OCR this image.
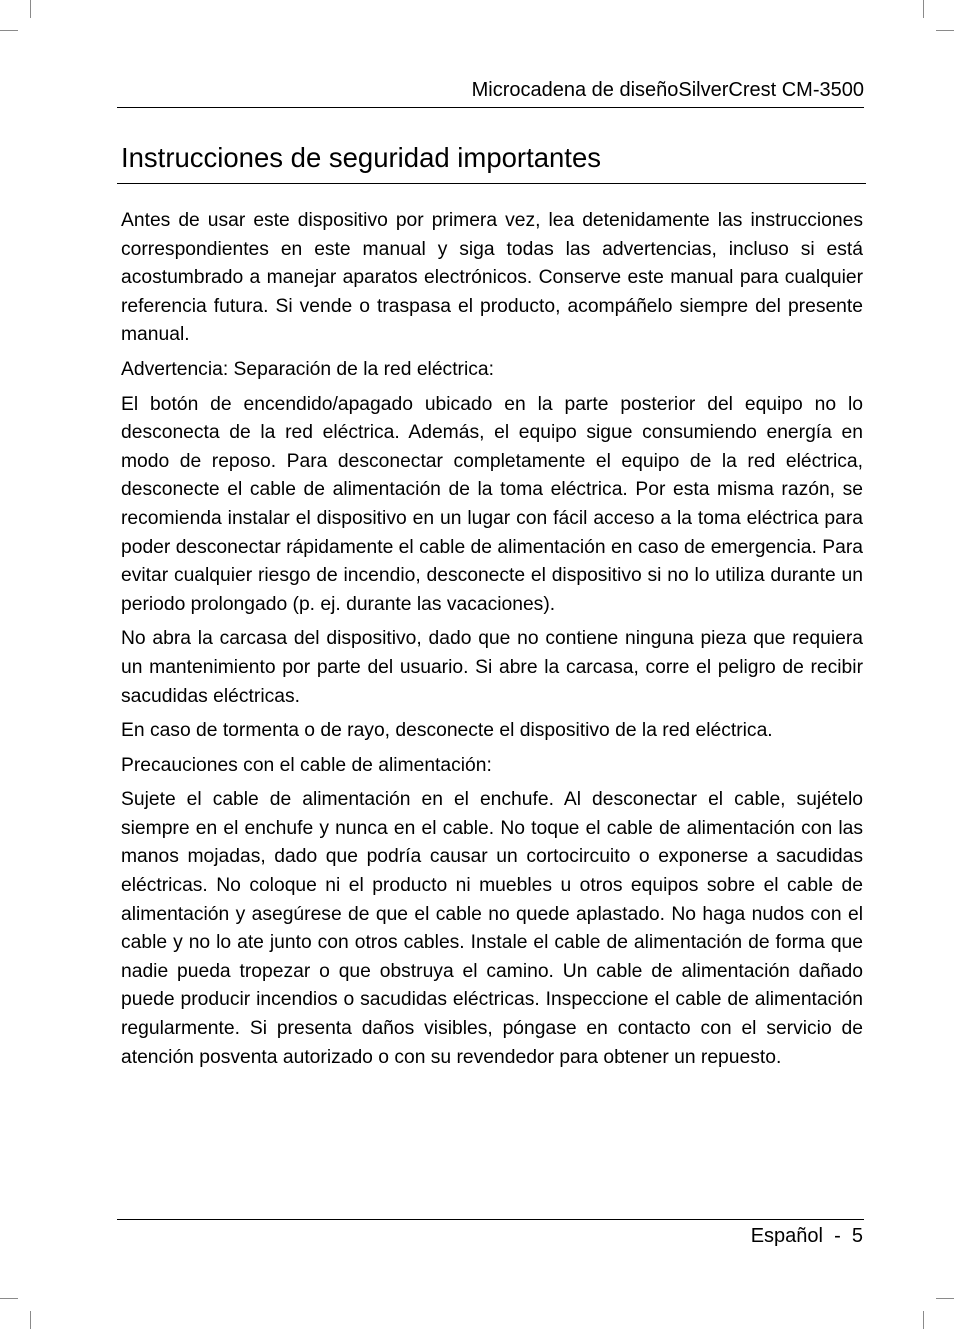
Microcadena de diseñoSilverCrest CM-3500
Instrucciones de seguridad importantes

Antes de usar este dispositivo por primera vez, lea detenidamente las instrucciones correspondientes en este manual y siga todas las advertencias, incluso si está acostumbrado a manejar aparatos electrónicos. Conserve este manual para cualquier referencia futura. Si vende o traspasa el producto, acompáñelo siempre del presente manual.

Advertencia: Separación de la red eléctrica:

El botón de encendido/apagado ubicado en la parte posterior del equipo no lo desconecta de la red eléctrica. Además, el equipo sigue consumiendo energía en modo de reposo. Para desconectar completamente el equipo de la red eléctrica, desconecte el cable de alimentación de la toma eléctrica. Por esta misma razón, se recomienda instalar el dispositivo en un lugar con fácil acceso a la toma eléctrica para poder desconectar rápidamente el cable de alimentación en caso de emergencia. Para evitar cualquier riesgo de incendio, desconecte el dispositivo si no lo utiliza durante un periodo prolongado (p. ej. durante las vacaciones).

No abra la carcasa del dispositivo, dado que no contiene ninguna pieza que requiera un mantenimiento por parte del usuario. Si abre la carcasa, corre el peligro de recibir sacudidas eléctricas.

En caso de tormenta o de rayo, desconecte el dispositivo de la red eléctrica.

Precauciones con el cable de alimentación:

Sujete el cable de alimentación en el enchufe. Al desconectar el cable, sujételo siempre en el enchufe y nunca en el cable. No toque el cable de alimentación con las manos mojadas, dado que podría causar un cortocircuito o exponerse a sacudidas eléctricas. No coloque ni el producto ni muebles u otros equipos sobre el cable de alimentación y asegúrese de que el cable no quede aplastado. No haga nudos con el cable y no lo ate junto con otros cables. Instale el cable de alimentación de forma que nadie pueda tropezar o que obstruya el camino. Un cable de alimentación dañado puede producir incendios o sacudidas eléctricas. Inspeccione el cable de alimentación regularmente. Si presenta daños visibles, póngase en contacto con el servicio de atención posventa autorizado o con su revendedor para obtener un repuesto.

Español  -  5
